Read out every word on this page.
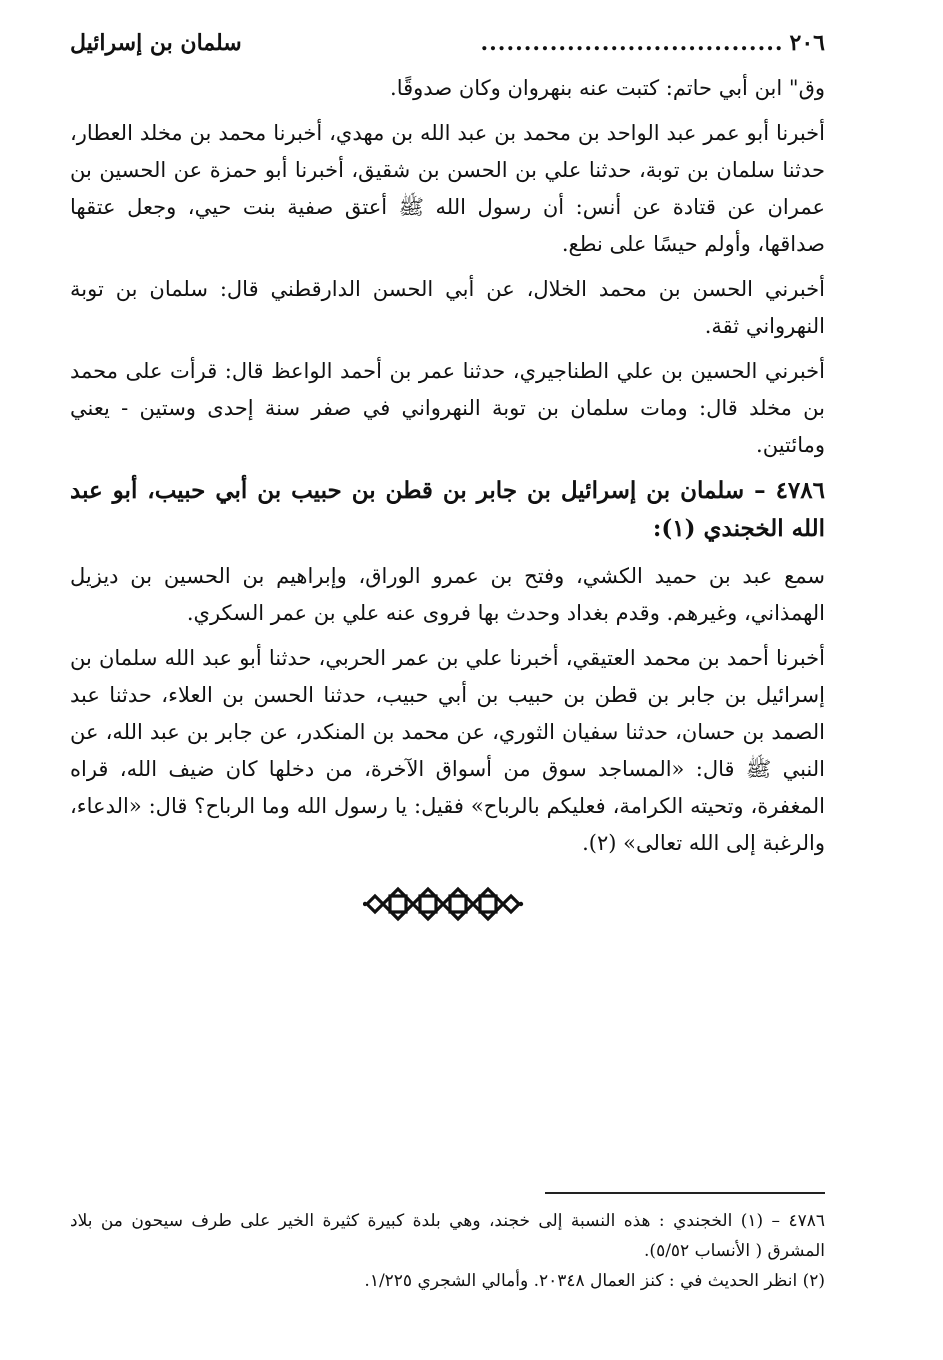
٢٠٦
...................................
سلمان بن إسرائيل

وق" ابن أبي حاتم: كتبت عنه بنهروان وكان صدوقًا.

أخبرنا أبو عمر عبد الواحد بن محمد بن عبد الله بن مهدي، أخبرنا محمد بن مخلد العطار، حدثنا سلمان بن توبة، حدثنا علي بن الحسن بن شقيق، أخبرنا أبو حمزة عن الحسين بن عمران عن قتادة عن أنس: أن رسول الله ﷺ أعتق صفية بنت حيي، وجعل عتقها صداقها، وأولم حيسًا على نطع.

أخبرني الحسن بن محمد الخلال، عن أبي الحسن الدارقطني قال: سلمان بن توبة النهرواني ثقة.

أخبرني الحسين بن علي الطناجيري، حدثنا عمر بن أحمد الواعظ قال: قرأت على محمد بن مخلد قال: ومات سلمان بن توبة النهرواني في صفر سنة إحدى وستين - يعني ومائتين.

٤٧٨٦ – سلمان بن إسرائيل بن جابر بن قطن بن حبيب بن أبي حبيب، أبو عبد الله الخجندي (١):

سمع عبد بن حميد الكشي، وفتح بن عمرو الوراق، وإبراهيم بن الحسين بن ديزيل الهمذاني، وغيرهم. وقدم بغداد وحدث بها فروى عنه علي بن عمر السكري.

أخبرنا أحمد بن محمد العتيقي، أخبرنا علي بن عمر الحربي، حدثنا أبو عبد الله سلمان بن إسرائيل بن جابر بن قطن بن حبيب بن أبي حبيب، حدثنا الحسن بن العلاء، حدثنا عبد الصمد بن حسان، حدثنا سفيان الثوري، عن محمد بن المنكدر، عن جابر بن عبد الله، عن النبي ﷺ قال: «المساجد سوق من أسواق الآخرة، من دخلها كان ضيف الله، قراه المغفرة، وتحيته الكرامة، فعليكم بالرباح» فقيل: يا رسول الله وما الرباح؟ قال: «الدعاء، والرغبة إلى الله تعالى» (٢).

٤٧٨٦ – (١) الخجندي : هذه النسبة إلى خجند، وهي بلدة كبيرة كثيرة الخير على طرف سيحون من بلاد المشرق ( الأنساب ٥/٥٢).

(٢) انظر الحديث في : كنز العمال ٢٠٣٤٨. وأمالي الشجري ١/٢٢٥.
